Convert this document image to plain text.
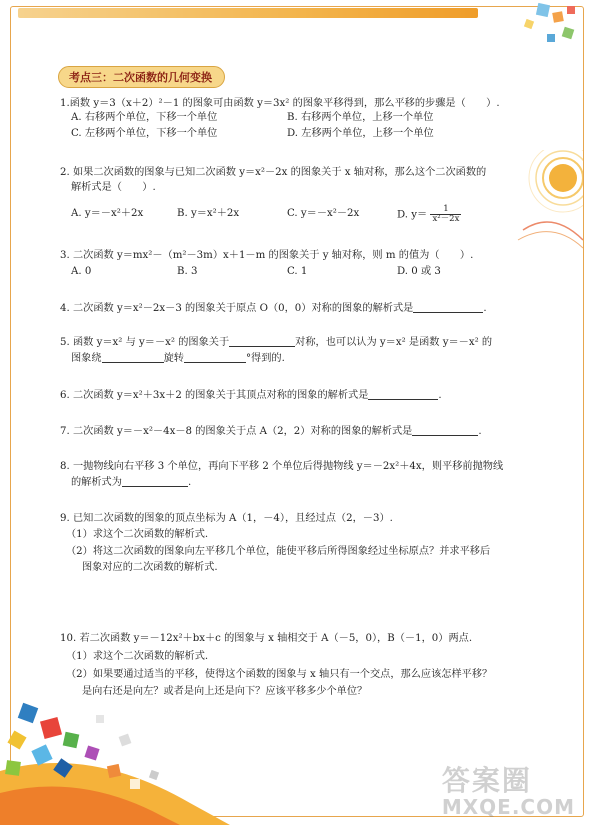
考点三：二次函数的几何变换
1.函数 y＝3（x＋2）²－1 的图象可由函数 y＝3x² 的图象平移得到，那么平移的步骤是（　　）.
A. 右移两个单位，下移一个单位	B. 右移两个单位，上移一个单位
C. 左移两个单位，下移一个单位	D. 左移两个单位，上移一个单位
2. 如果二次函数的图象与已知二次函数 y＝x²－2x 的图象关于 x 轴对称，那么这个二次函数的
解析式是（　　）.
A. y＝－x²＋2x	B. y＝x²＋2x	C. y＝－x²－2x	D. $y= \frac{1}{\text{x²－2x}}$
3. 二次函数 y＝mx²－（m²－3m）x＋1－m 的图象关于 y 轴对称，则 m 的值为（　　）.
A. 0	B. 3	C. 1	D. 0 或 3
4. 二次函数 y＝x²－2x－3 的图象关于原点 O（0，0）对称的图象的解析式是	.
5. 函数 y＝x² 与 y＝－x² 的图象关于	对称，也可以认为 y＝x² 是函数 y＝－x² 的
图象绕	旋转	°得到的.
6. 二次函数 y＝x²＋3x＋2 的图象关于其顶点对称的图象的解析式是	.
7. 二次函数 y＝－x²－4x－8 的图象关于点 A（2，2）对称的图象的解析式是	.
8. 一抛物线向右平移 3 个单位，再向下平移 2 个单位后得抛物线 y＝－2x²＋4x，则平移前抛物线
的解析式为	.
9. 已知二次函数的图象的顶点坐标为 A（1，－4），且经过点（2，－3）.
（1）求这个二次函数的解析式.
（2）将这二次函数的图象向左平移几个单位，能使平移后所得图象经过坐标原点？并求平移后
图象对应的二次函数的解析式.
10. 若二次函数 y＝－12x²＋bx＋c 的图象与 x 轴相交于 A（－5，0），B（－1，0）两点.
（1）求这个二次函数的解析式.
（2）如果要通过适当的平移，使得这个函数的图象与 x 轴只有一个交点，那么应该怎样平移？
是向右还是向左？或者是向上还是向下？应该平移多少个单位？
答案圈
MXQE.COM
